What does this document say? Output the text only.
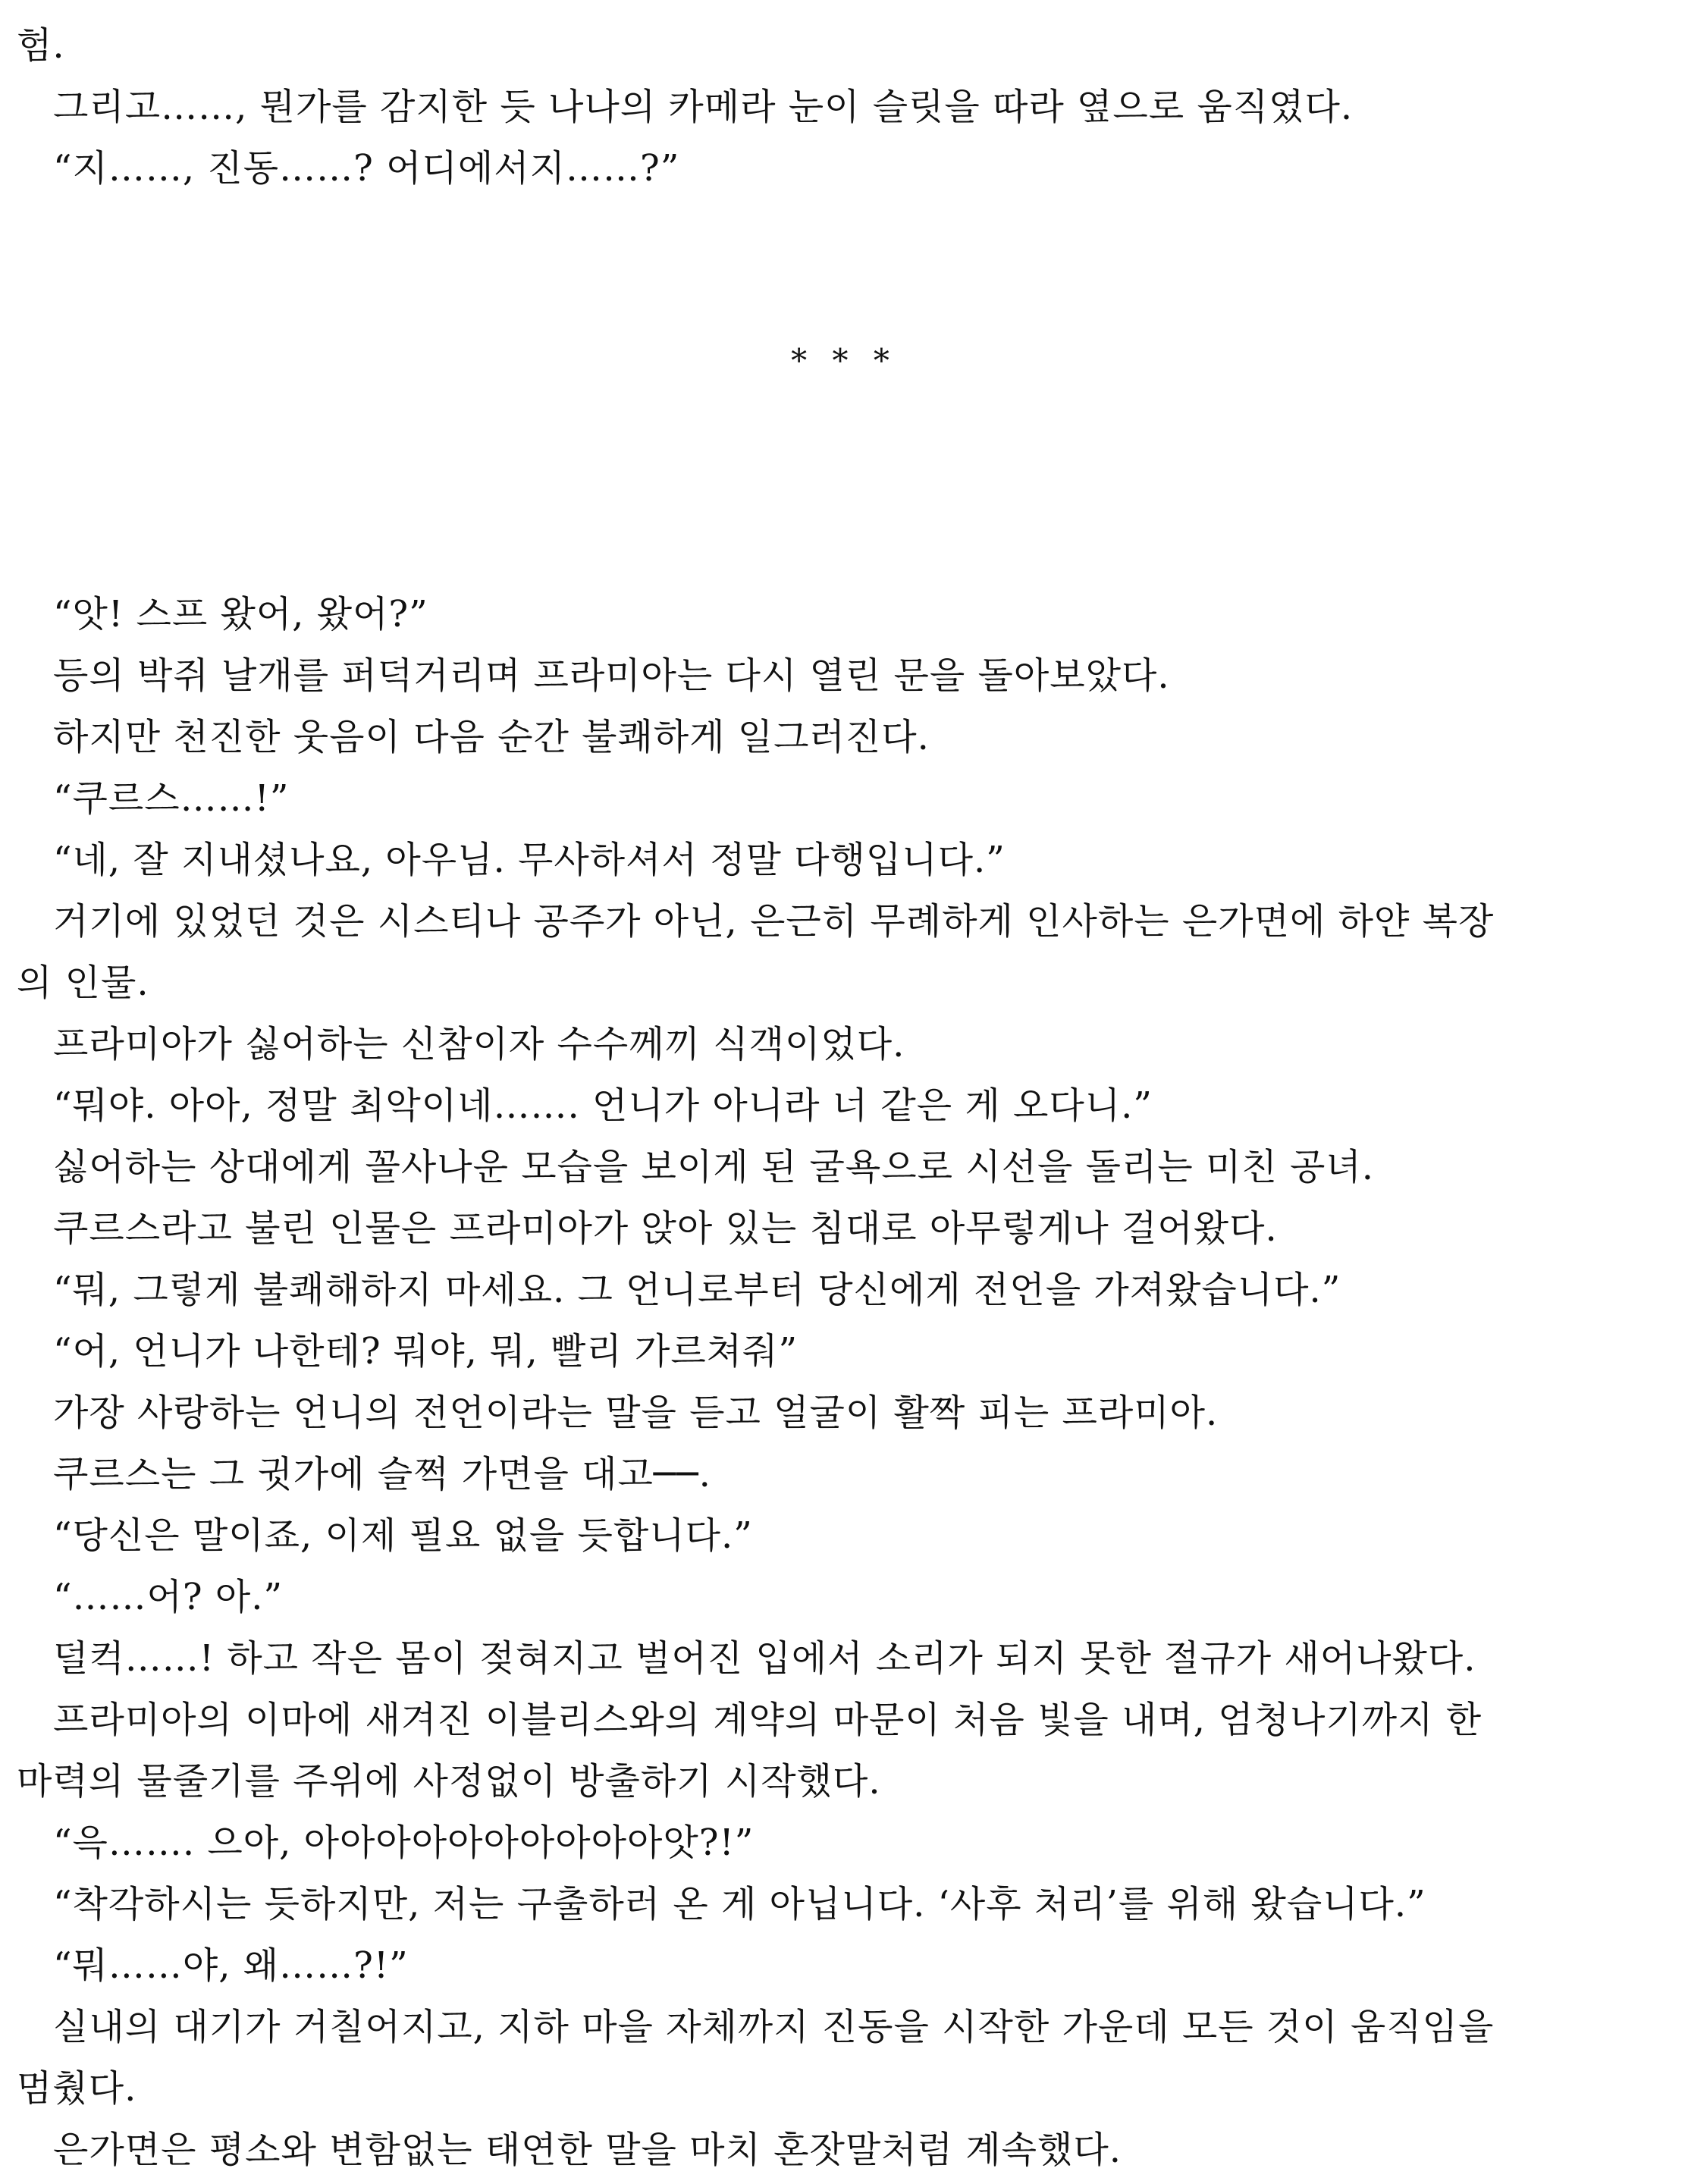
험.
그리고……, 뭔가를 감지한 듯 나나의 카메라 눈이 슬릿을 따라 옆으로 움직였다.
“지……, 진동……? 어디에서지……?”
* * *
“앗! 스프 왔어, 왔어?”
등의 박쥐 날개를 퍼덕거리며 프라미아는 다시 열린 문을 돌아보았다.
하지만 천진한 웃음이 다음 순간 불쾌하게 일그러진다.
“쿠르스……!”
“네, 잘 지내셨나요, 아우님. 무사하셔서 정말 다행입니다.”
거기에 있었던 것은 시스티나 공주가 아닌, 은근히 무례하게 인사하는 은가면에 하얀 복장
의 인물.
프라미아가 싫어하는 신참이자 수수께끼 식객이었다.
“뭐야. 아아, 정말 최악이네……. 언니가 아니라 너 같은 게 오다니.”
싫어하는 상대에게 꼴사나운 모습을 보이게 된 굴욕으로 시선을 돌리는 미친 공녀.
쿠르스라고 불린 인물은 프라미아가 앉아 있는 침대로 아무렇게나 걸어왔다.
“뭐, 그렇게 불쾌해하지 마세요. 그 언니로부터 당신에게 전언을 가져왔습니다.”
“어, 언니가 나한테? 뭐야, 뭐, 빨리 가르쳐줘”
가장 사랑하는 언니의 전언이라는 말을 듣고 얼굴이 활짝 피는 프라미아.
쿠르스는 그 귓가에 슬쩍 가면을 대고──.
“당신은 말이죠, 이제 필요 없을 듯합니다.”
“……어? 아.”
덜컥……! 하고 작은 몸이 젖혀지고 벌어진 입에서 소리가 되지 못한 절규가 새어나왔다.
프라미아의 이마에 새겨진 이블리스와의 계약의 마문이 처음 빛을 내며, 엄청나기까지 한
마력의 물줄기를 주위에 사정없이 방출하기 시작했다.
“윽……. 으아, 아아아아아아아아아아앗?!”
“착각하시는 듯하지만, 저는 구출하러 온 게 아닙니다. ‘사후 처리’를 위해 왔습니다.”
“뭐……야, 왜……?!”
실내의 대기가 거칠어지고, 지하 마을 자체까지 진동을 시작한 가운데 모든 것이 움직임을
멈췄다.
은가면은 평소와 변함없는 태연한 말을 마치 혼잣말처럼 계속했다.
